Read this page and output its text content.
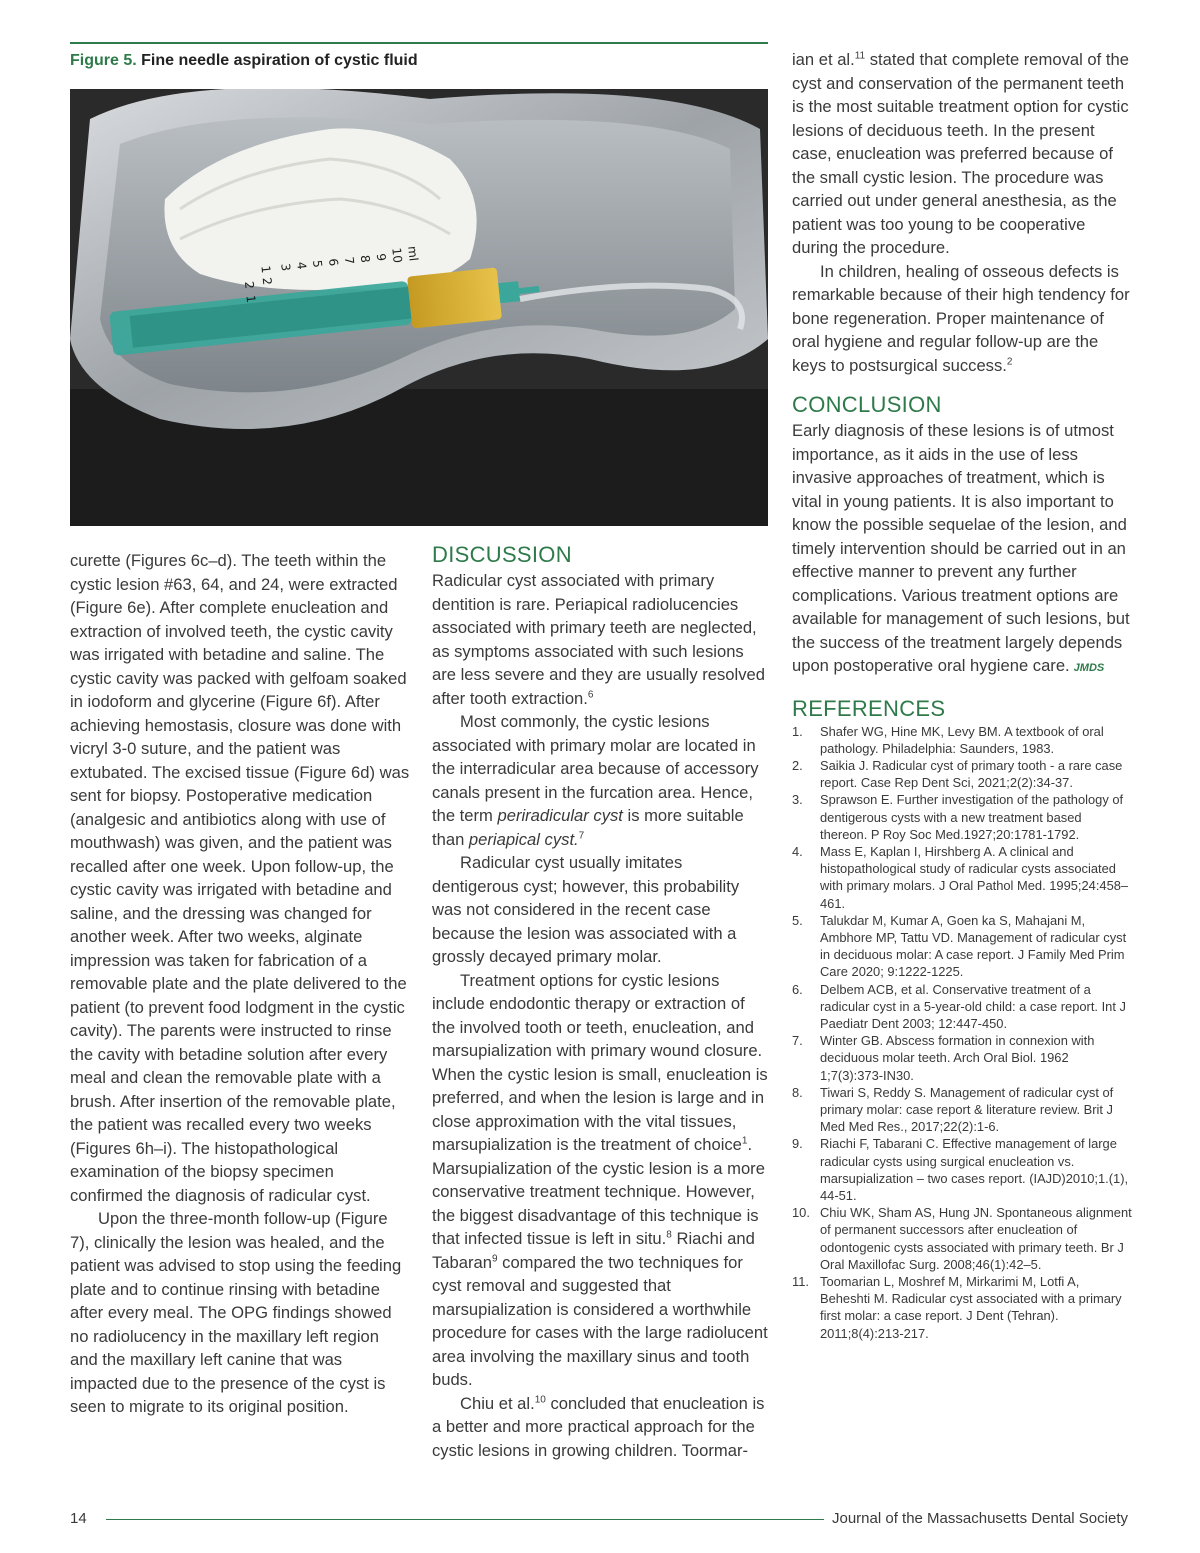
Figure 5. Fine needle aspiration of cystic fluid
1
2
3 4 5 6 7 8 9 10 ml
2
1

curette (Figures 6c–d). The teeth within the cystic lesion #63, 64, and 24, were extracted (Figure 6e). After complete enucleation and extraction of involved teeth, the cystic cavity was irrigated with betadine and saline. The cystic cavity was packed with gelfoam soaked in iodoform and glycerine (Figure 6f). After achieving hemostasis, closure was done with vicryl 3-0 suture, and the patient was extubated. The excised tissue (Figure 6d) was sent for biopsy. Postoperative medication (analgesic and antibiotics along with use of mouthwash) was given, and the patient was recalled after one week. Upon follow-up, the cystic cavity was irrigated with betadine and saline, and the dressing was changed for another week. After two weeks, alginate impression was taken for fabrication of a removable plate and the plate delivered to the patient (to prevent food lodgment in the cystic cavity). The parents were instructed to rinse the cavity with betadine solution after every meal and clean the removable plate with a brush. After insertion of the removable plate, the patient was recalled every two weeks (Figures 6h–i). The histopathological examination of the biopsy specimen confirmed the diagnosis of radicular cyst.

Upon the three-month follow-up (Figure 7), clinically the lesion was healed, and the patient was advised to stop using the feeding plate and to continue rinsing with betadine after every meal. The OPG findings showed no radiolucency in the maxillary left region and the maxillary left canine that was impacted due to the presence of the cyst is seen to migrate to its original position.

DISCUSSION

Radicular cyst associated with primary dentition is rare. Periapical radiolucencies associated with primary teeth are neglected, as symptoms associated with such lesions are less severe and they are usually resolved after tooth extraction.$^6$

Most commonly, the cystic lesions associated with primary molar are located in the interradicular area because of accessory canals present in the furcation area. Hence, the term periradicular cyst is more suitable than periapical cyst.$^7$

Radicular cyst usually imitates dentigerous cyst; however, this probability was not considered in the recent case because the lesion was associated with a grossly decayed primary molar.

Treatment options for cystic lesions include endodontic therapy or extraction of the involved tooth or teeth, enucleation, and marsupialization with primary wound closure. When the cystic lesion is small, enucleation is preferred, and when the lesion is large and in close approximation with the vital tissues, marsupialization is the treatment of choice$^1$. Marsupialization of the cystic lesion is a more conservative treatment technique. However, the biggest disadvantage of this technique is that infected tissue is left in situ.$^8$ Riachi and Tabaran$^9$ compared the two techniques for cyst removal and suggested that marsupialization is considered a worthwhile procedure for cases with the large radiolucent area involving the maxillary sinus and tooth buds.

Chiu et al.$^{10}$ concluded that enucleation is a better and more practical approach for the cystic lesions in growing children. Toormar-

ian et al.$^{11}$ stated that complete removal of the cyst and conservation of the permanent teeth is the most suitable treatment option for cystic lesions of deciduous teeth. In the present case, enucleation was preferred because of the small cystic lesion. The procedure was carried out under general anesthesia, as the patient was too young to be cooperative during the procedure.

In children, healing of osseous defects is remarkable because of their high tendency for bone regeneration. Proper maintenance of oral hygiene and regular follow-up are the keys to postsurgical success.$^2$

CONCLUSION

Early diagnosis of these lesions is of utmost importance, as it aids in the use of less invasive approaches of treatment, which is vital in young patients. It is also important to know the possible sequelae of the lesion, and timely intervention should be carried out in an effective manner to prevent any further complications. Various treatment options are available for management of such lesions, but the success of the treatment largely depends upon postoperative oral hygiene care. JMDS

REFERENCES
1. Shafer WG, Hine MK, Levy BM. A textbook of oral pathology. Philadelphia: Saunders, 1983.
2. Saikia J. Radicular cyst of primary tooth - a rare case report. Case Rep Dent Sci, 2021;2(2):34-37.
3. Sprawson E. Further investigation of the pathology of dentigerous cysts with a new treatment based thereon. P Roy Soc Med.1927;20:1781-1792.
4. Mass E, Kaplan I, Hirshberg A. A clinical and histopathological study of radicular cysts associated with primary molars. J Oral Pathol Med. 1995;24:458–461.
5. Talukdar M, Kumar A, Goen ka S, Mahajani M, Ambhore MP, Tattu VD. Management of radicular cyst in deciduous molar: A case report. J Family Med Prim Care 2020; 9:1222-1225.
6. Delbem ACB, et al. Conservative treatment of a radicular cyst in a 5-year-old child: a case report. Int J Paediatr Dent 2003; 12:447-450.
7. Winter GB. Abscess formation in connexion with deciduous molar teeth. Arch Oral Biol. 1962 1;7(3):373-IN30.
8. Tiwari S, Reddy S. Management of radicular cyst of primary molar: case report & literature review. Brit J Med Med Res., 2017;22(2):1-6.
9. Riachi F, Tabarani C. Effective management of large radicular cysts using surgical enucleation vs. marsupialization – two cases report. (IAJD)2010;1.(1), 44-51.
10. Chiu WK, Sham AS, Hung JN. Spontaneous alignment of permanent successors after enucleation of odontogenic cysts associated with primary teeth. Br J Oral Maxillofac Surg. 2008;46(1):42–5.
11. Toomarian L, Moshref M, Mirkarimi M, Lotfi A, Beheshti M. Radicular cyst associated with a primary first molar: a case report. J Dent (Tehran). 2011;8(4):213-217.
14	Journal of the Massachusetts Dental Society
